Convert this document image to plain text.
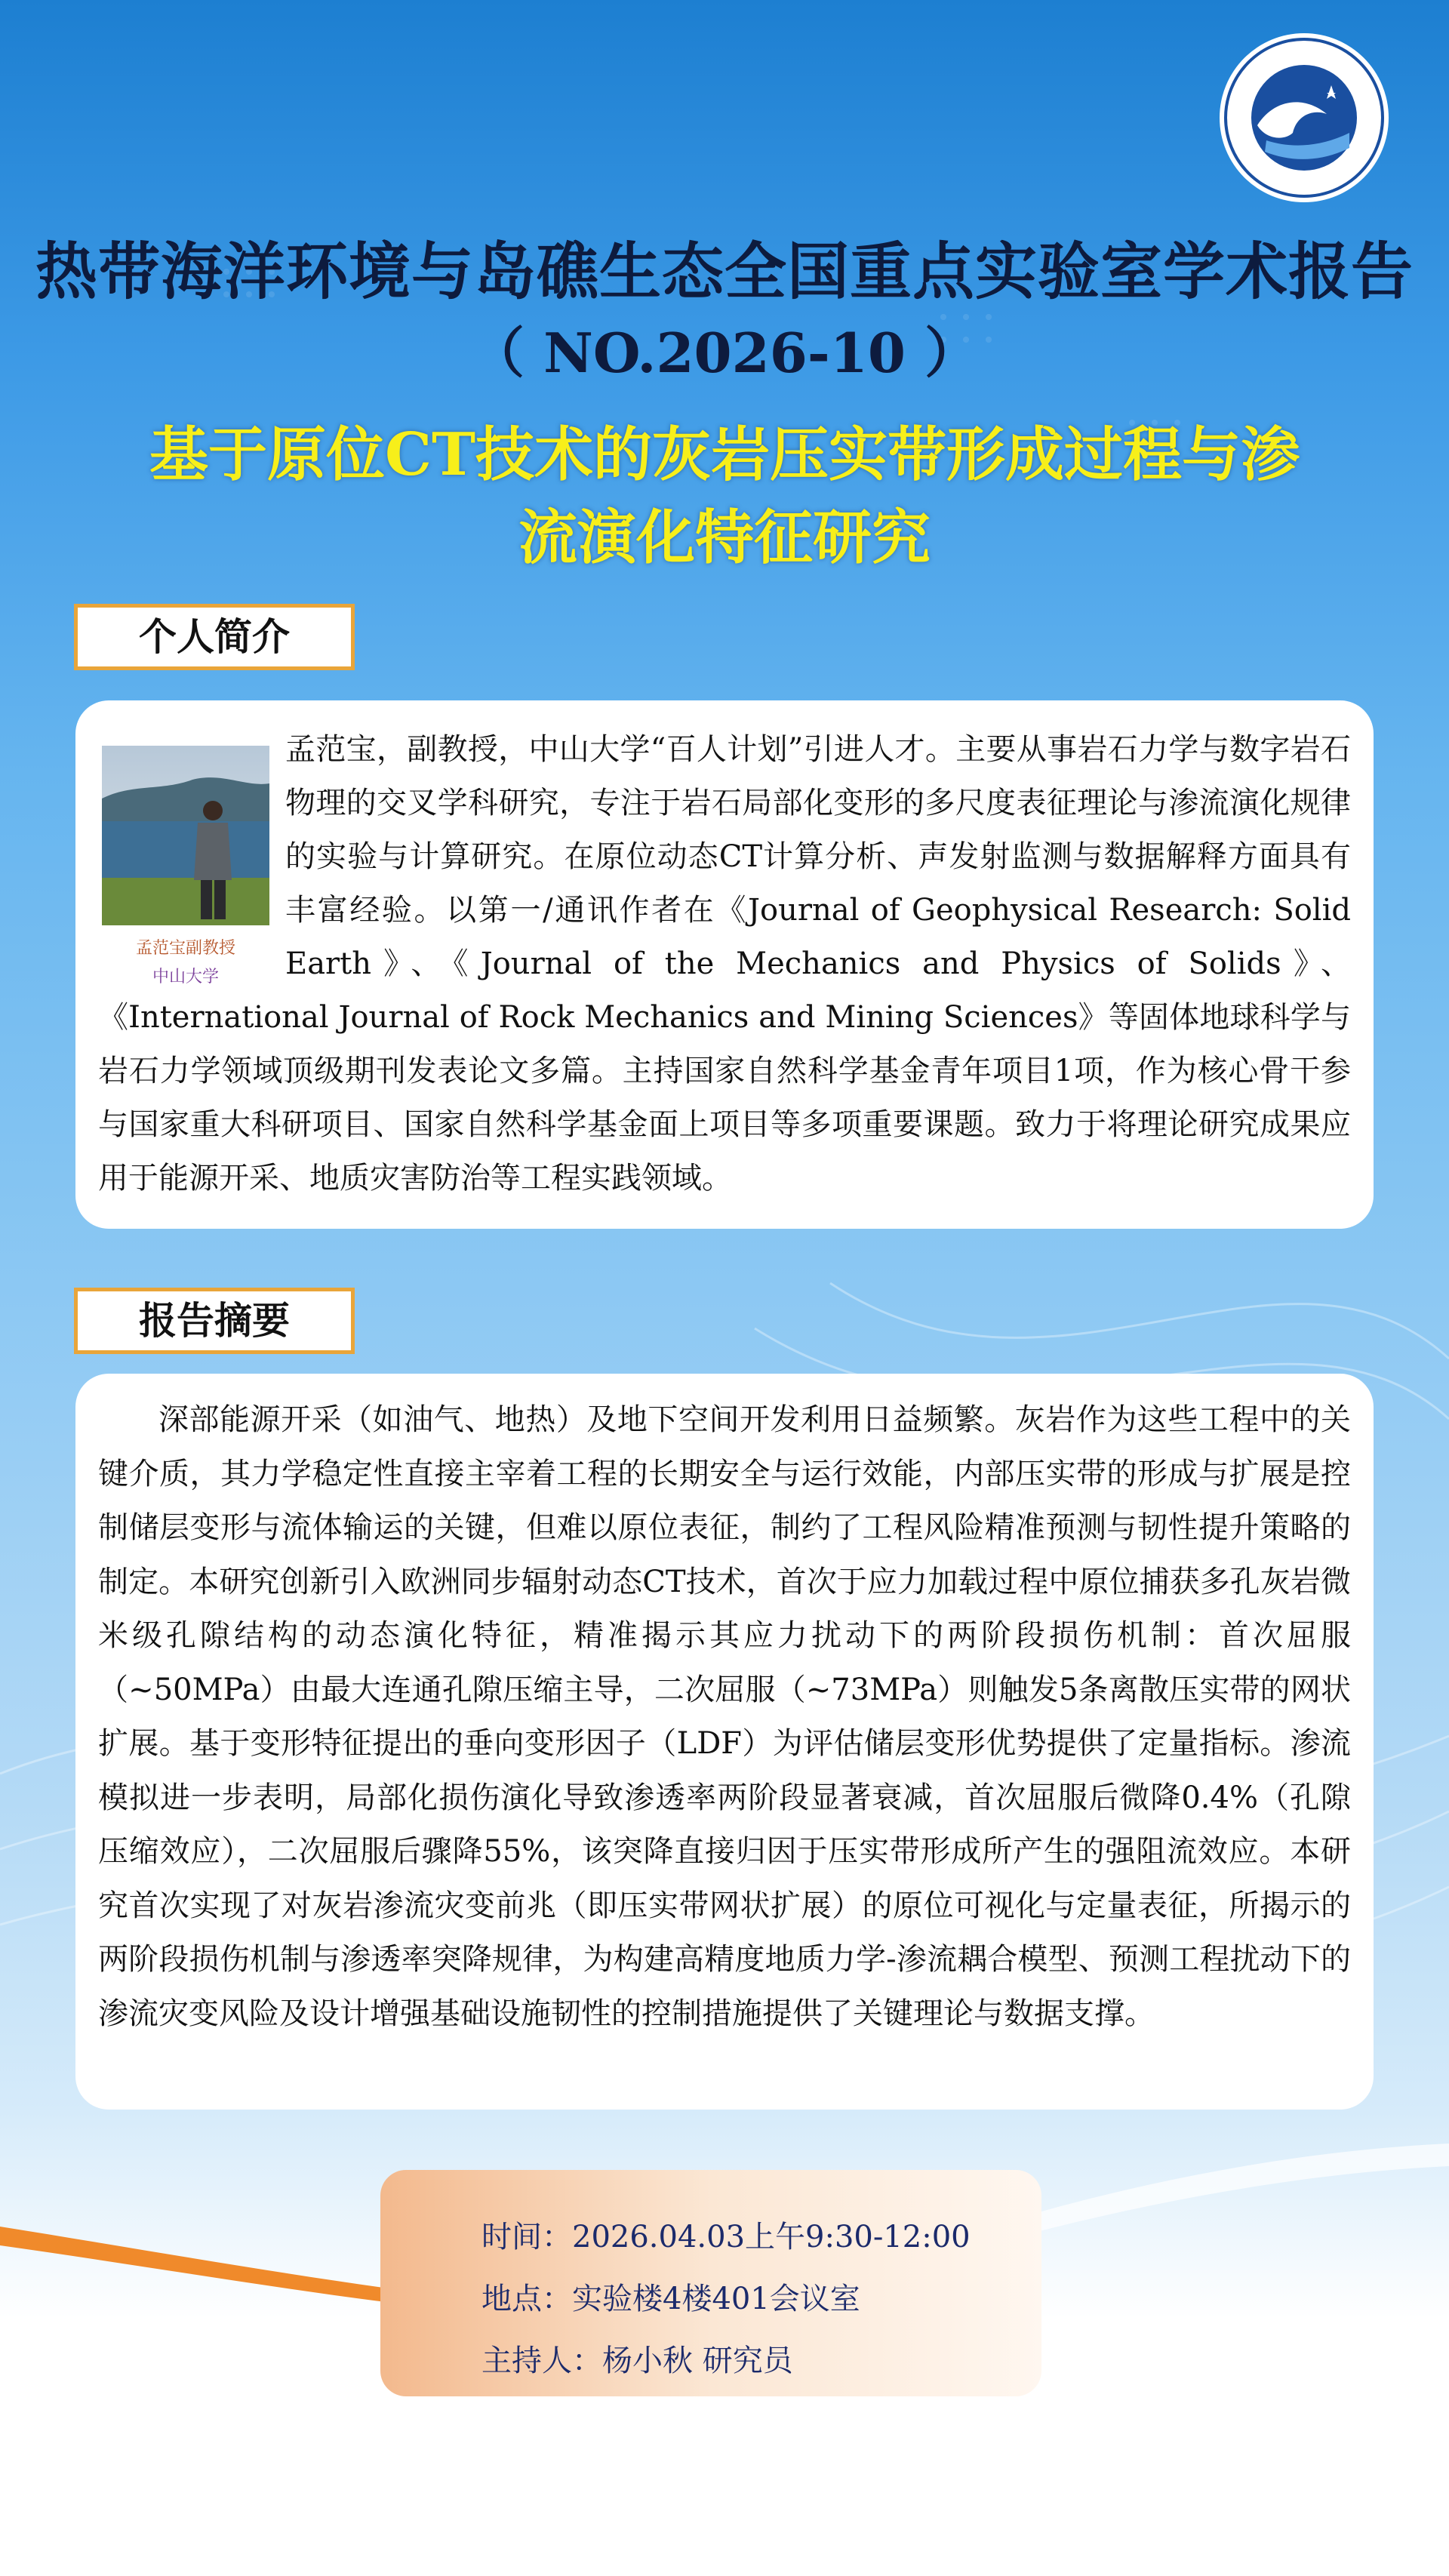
热带海洋环境与岛礁生态全国重点实验室学术报告
（ NO.2026-10 ）
基于原位CT技术的灰岩压实带形成过程与渗
流演化特征研究
个人简介
孟范宝副教授
中山大学

孟范宝，副教授，中山大学“百人计划”引进人才。主要从事岩石力学与数字岩石物理的交叉学科研究，专注于岩石局部化变形的多尺度表征理论与渗流演化规律的实验与计算研究。在原位动态CT计算分析、声发射监测与数据解释方面具有丰富经验。以第一/通讯作者在《Journal of Geophysical Research: Solid Earth》、《Journal of the Mechanics and Physics of Solids》、《International Journal of Rock Mechanics and Mining Sciences》等固体地球科学与岩石力学领域顶级期刊发表论文多篇。主持国家自然科学基金青年项目1项，作为核心骨干参与国家重大科研项目、国家自然科学基金面上项目等多项重要课题。致力于将理论研究成果应用于能源开采、地质灾害防治等工程实践领域。

报告摘要

深部能源开采（如油气、地热）及地下空间开发利用日益频繁。灰岩作为这些工程中的关键介质，其力学稳定性直接主宰着工程的长期安全与运行效能，内部压实带的形成与扩展是控制储层变形与流体输运的关键，但难以原位表征，制约了工程风险精准预测与韧性提升策略的制定。本研究创新引入欧洲同步辐射动态CT技术，首次于应力加载过程中原位捕获多孔灰岩微米级孔隙结构的动态演化特征，精准揭示其应力扰动下的两阶段损伤机制：首次屈服（~50MPa）由最大连通孔隙压缩主导，二次屈服（~73MPa）则触发5条离散压实带的网状扩展。基于变形特征提出的垂向变形因子（LDF）为评估储层变形优势提供了定量指标。渗流模拟进一步表明，局部化损伤演化导致渗透率两阶段显著衰减，首次屈服后微降0.4%（孔隙压缩效应），二次屈服后骤降55%，该突降直接归因于压实带形成所产生的强阻流效应。本研究首次实现了对灰岩渗流灾变前兆（即压实带网状扩展）的原位可视化与定量表征，所揭示的两阶段损伤机制与渗透率突降规律，为构建高精度地质力学-渗流耦合模型、预测工程扰动下的渗流灾变风险及设计增强基础设施韧性的控制措施提供了关键理论与数据支撑。

时间：2026.04.03上午9:30-12:00
地点：实验楼4楼401会议室
主持人：杨小秋 研究员
